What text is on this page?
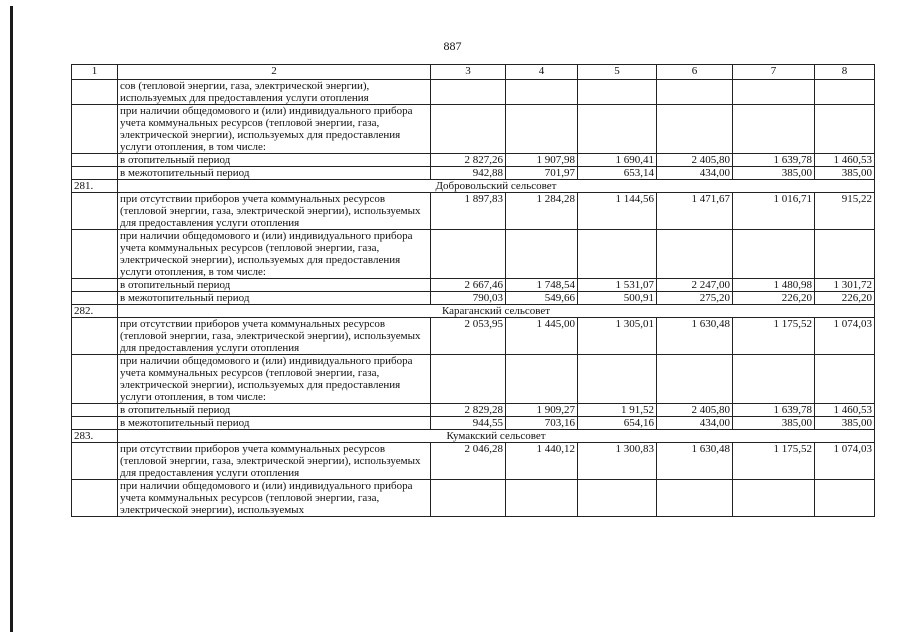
887
1	2	3	4	5	6	7	8
	сов (тепловой энергии, газа, электрической энергии), используемых для предоставления услуги отопления						
	при наличии общедомового и (или) индивидуального прибора учета коммунальных ресурсов (тепловой энергии, газа, электрической энергии), используемых для предоставления услуги отопления, в том числе:						
	в отопительный период	2 827,26	1 907,98	1 690,41	2 405,80	1 639,78	1 460,53
	в межотопительный период	942,88	701,97	653,14	434,00	385,00	385,00
281.	Добровольский сельсовет						
	при отсутствии приборов учета коммунальных ресурсов (тепловой энергии, газа, электрической энергии), используемых для предоставления услуги отопления	1 897,83	1 284,28	1 144,56	1 471,67	1 016,71	915,22
	при наличии общедомового и (или) индивидуального прибора учета коммунальных ресурсов (тепловой энергии, газа, электрической энергии), используемых для предоставления услуги отопления, в том числе:						
	в отопительный период	2 667,46	1 748,54	1 531,07	2 247,00	1 480,98	1 301,72
	в межотопительный период	790,03	549,66	500,91	275,20	226,20	226,20
282.	Караганский сельсовет						
	при отсутствии приборов учета коммунальных ресурсов (тепловой энергии, газа, электрической энергии), используемых для предоставления услуги отопления	2 053,95	1 445,00	1 305,01	1 630,48	1 175,52	1 074,03
	при наличии общедомового и (или) индивидуального прибора учета коммунальных ресурсов (тепловой энергии, газа, электрической энергии), используемых для предоставления услуги отопления, в том числе:						
	в отопительный период	2 829,28	1 909,27	1 91,52	2 405,80	1 639,78	1 460,53
	в межотопительный период	944,55	703,16	654,16	434,00	385,00	385,00
283.	Кумакский сельсовет						
	при отсутствии приборов учета коммунальных ресурсов (тепловой энергии, газа, электрической энергии), используемых для предоставления услуги отопления	2 046,28	1 440,12	1 300,83	1 630,48	1 175,52	1 074,03
	при наличии общедомового и (или) индивидуального прибора учета коммунальных ресурсов (тепловой энергии, газа, электрической энергии), используемых						
